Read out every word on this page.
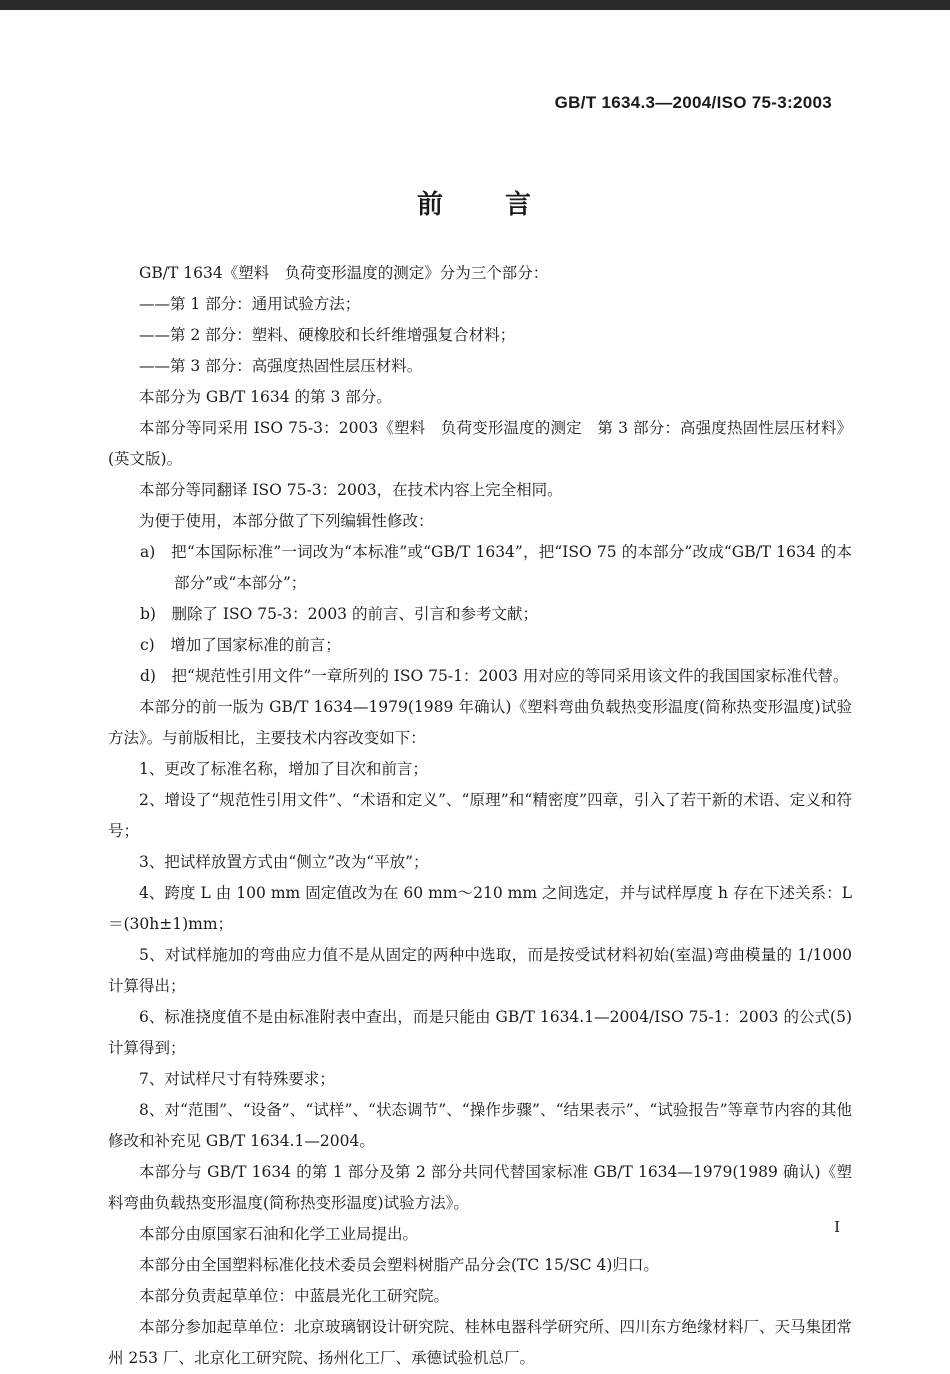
GB/T 1634.3—2004/ISO 75-3:2003
前 言

GB/T 1634《塑料　负荷变形温度的测定》分为三个部分：

——第 1 部分：通用试验方法；

——第 2 部分：塑料、硬橡胶和长纤维增强复合材料；

——第 3 部分：高强度热固性层压材料。

本部分为 GB/T 1634 的第 3 部分。

本部分等同采用 ISO 75-3：2003《塑料　负荷变形温度的测定　第 3 部分：高强度热固性层压材料》(英文版)。

本部分等同翻译 ISO 75-3：2003，在技术内容上完全相同。

为便于使用，本部分做了下列编辑性修改：

a)　把“本国际标准”一词改为“本标准”或“GB/T 1634”，把“ISO 75 的本部分”改成“GB/T 1634 的本部分”或“本部分”；

b)　删除了 ISO 75-3：2003 的前言、引言和参考文献；

c)　增加了国家标准的前言；

d)　把“规范性引用文件”一章所列的 ISO 75-1：2003 用对应的等同采用该文件的我国国家标准代替。

本部分的前一版为 GB/T 1634—1979(1989 年确认)《塑料弯曲负载热变形温度(简称热变形温度)试验方法》。与前版相比，主要技术内容改变如下：

1、更改了标准名称，增加了目次和前言；

2、增设了“规范性引用文件”、“术语和定义”、“原理”和“精密度”四章，引入了若干新的术语、定义和符号；

3、把试样放置方式由“侧立”改为“平放”；

4、跨度 L 由 100 mm 固定值改为在 60 mm～210 mm 之间选定，并与试样厚度 h 存在下述关系：L＝(30h±1)mm；

5、对试样施加的弯曲应力值不是从固定的两种中选取，而是按受试材料初始(室温)弯曲模量的 1/1000计算得出；

6、标准挠度值不是由标准附表中查出，而是只能由 GB/T 1634.1—2004/ISO 75-1：2003 的公式(5)计算得到；

7、对试样尺寸有特殊要求；

8、对“范围”、“设备”、“试样”、“状态调节”、“操作步骤”、“结果表示”、“试验报告”等章节内容的其他修改和补充见 GB/T 1634.1—2004。

本部分与 GB/T 1634 的第 1 部分及第 2 部分共同代替国家标准 GB/T 1634—1979(1989 确认)《塑料弯曲负载热变形温度(简称热变形温度)试验方法》。

本部分由原国家石油和化学工业局提出。

本部分由全国塑料标准化技术委员会塑料树脂产品分会(TC 15/SC 4)归口。

本部分负责起草单位：中蓝晨光化工研究院。

本部分参加起草单位：北京玻璃钢设计研究院、桂林电器科学研究所、四川东方绝缘材料厂、天马集团常州 253 厂、北京化工研究院、扬州化工厂、承德试验机总厂。

I
